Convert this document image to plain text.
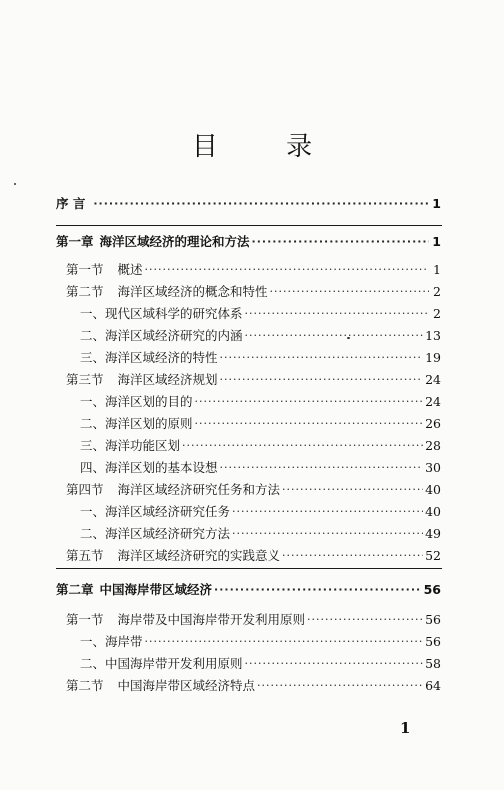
目 录
序 言 ·····	1
第一章 海洋区域经济的理论和方法 ·····	1
第一节	概述 ·····	1
第二节	海洋区域经济的概念和特性 ·····	2
一、 现代区域科学的研究体系 ·····	2
二、 海洋区域经济研究的内涵 ·····	13
三、 海洋区域经济的特性 ·····	19
第三节	海洋区域经济规划 ·····	24
一、 海洋区划的目的 ·····	24
二、 海洋区划的原则 ·····	26
三、 海洋功能区划 ·····	28
四、 海洋区划的基本设想 ·····	30
第四节	海洋区域经济研究任务和方法 ·····	40
一、 海洋区域经济研究任务 ·····	40
二、 海洋区域经济研究方法 ·····	49
第五节	海洋区域经济研究的实践意义 ·····	52
第二章 中国海岸带区域经济 ·····	56
第一节	海岸带及中国海岸带开发利用原则 ·····	56
一、 海岸带 ·····	56
二、 中国海岸带开发利用原则 ·····	58
第二节	中国海岸带区域经济特点 ·····	64
1
